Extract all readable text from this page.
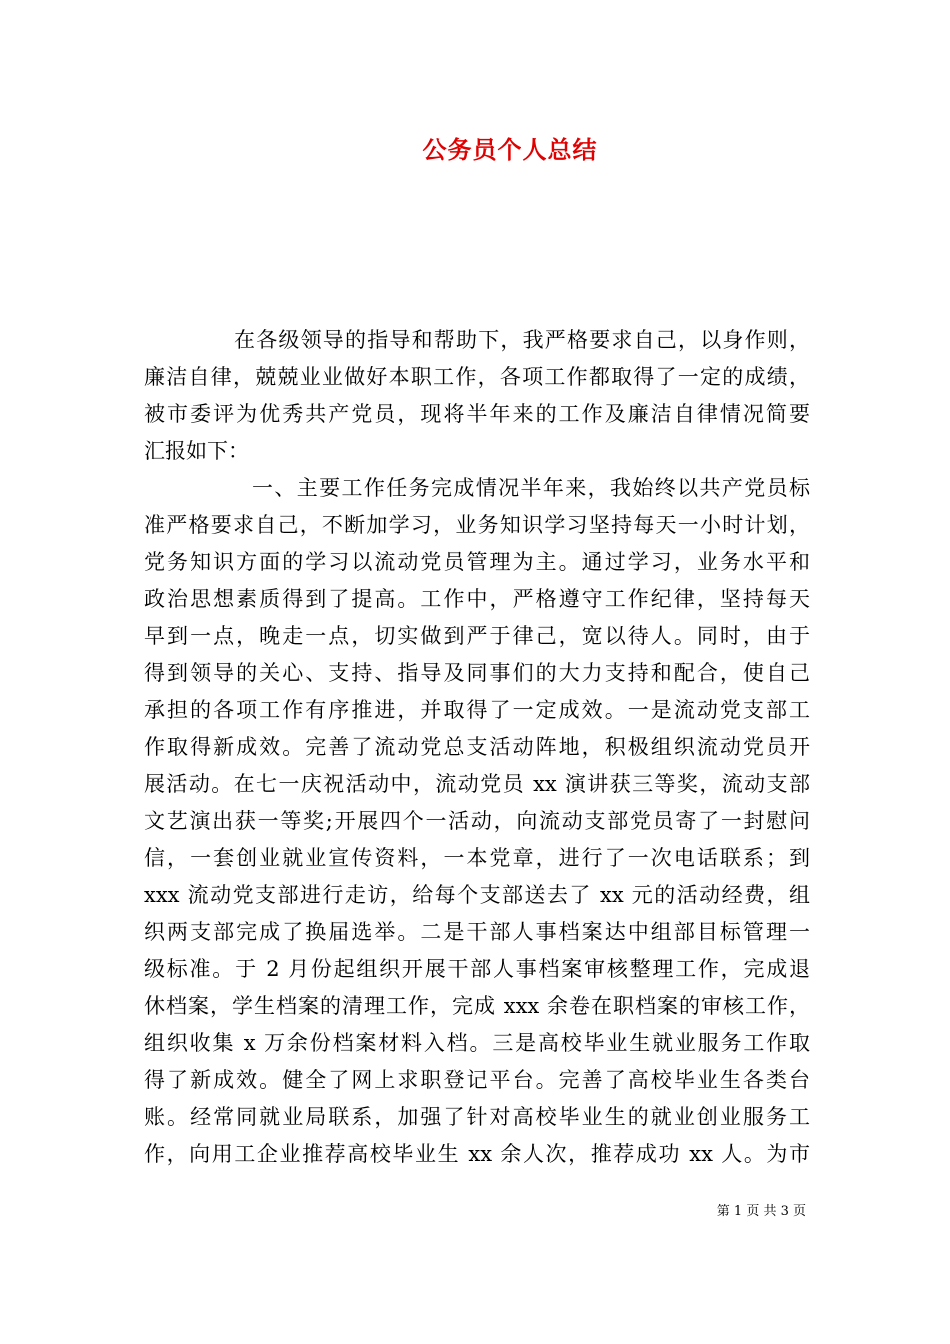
公务员个人总结
在各级领导的指导和帮助下，我严格要求自己，以身作则，
廉洁自律，兢兢业业做好本职工作，各项工作都取得了一定的成绩，
被市委评为优秀共产党员，现将半年来的工作及廉洁自律情况简要
汇报如下：
一、主要工作任务完成情况半年来，我始终以共产党员标
准严格要求自己，不断加学习，业务知识学习坚持每天一小时计划，
党务知识方面的学习以流动党员管理为主。通过学习，业务水平和
政治思想素质得到了提高。工作中，严格遵守工作纪律，坚持每天
早到一点，晚走一点，切实做到严于律己，宽以待人。同时，由于
得到领导的关心、支持、指导及同事们的大力支持和配合，使自己
承担的各项工作有序推进，并取得了一定成效。一是流动党支部工
作取得新成效。完善了流动党总支活动阵地，积极组织流动党员开
展活动。在七一庆祝活动中，流动党员 xx 演讲获三等奖，流动支部
文艺演出获一等奖;开展四个一活动，向流动支部党员寄了一封慰问
信，一套创业就业宣传资料，一本党章，进行了一次电话联系；到
xxx 流动党支部进行走访，给每个支部送去了 xx 元的活动经费，组
织两支部完成了换届选举。二是干部人事档案达中组部目标管理一
级标准。于 2 月份起组织开展干部人事档案审核整理工作，完成退
休档案，学生档案的清理工作，完成 xxx 余卷在职档案的审核工作，
组织收集 x 万余份档案材料入档。三是高校毕业生就业服务工作取
得了新成效。健全了网上求职登记平台。完善了高校毕业生各类台
账。经常同就业局联系，加强了针对高校毕业生的就业创业服务工
作，向用工企业推荐高校毕业生 xx 余人次，推荐成功 xx 人。为市
第 1 页 共 3 页
